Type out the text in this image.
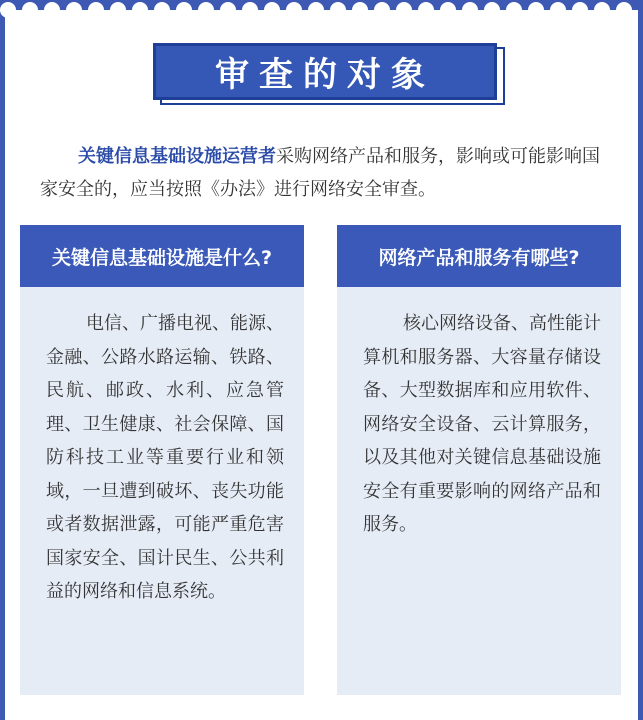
审查的对象

关键信息基础设施运营者采购网络产品和服务，影响或可能影响国家安全的，应当按照《办法》进行网络安全审查。

关键信息基础设施是什么?
电信、广播电视、能源、金融、公路水路运输、铁路、民航、邮政、水利、应急管理、卫生健康、社会保障、国防科技工业等重要行业和领域，一旦遭到破坏、丧失功能或者数据泄露，可能严重危害国家安全、国计民生、公共利益的网络和信息系统。
网络产品和服务有哪些?
核心网络设备、高性能计算机和服务器、大容量存储设备、大型数据库和应用软件、网络安全设备、云计算服务，以及其他对关键信息基础设施安全有重要影响的网络产品和服务。
